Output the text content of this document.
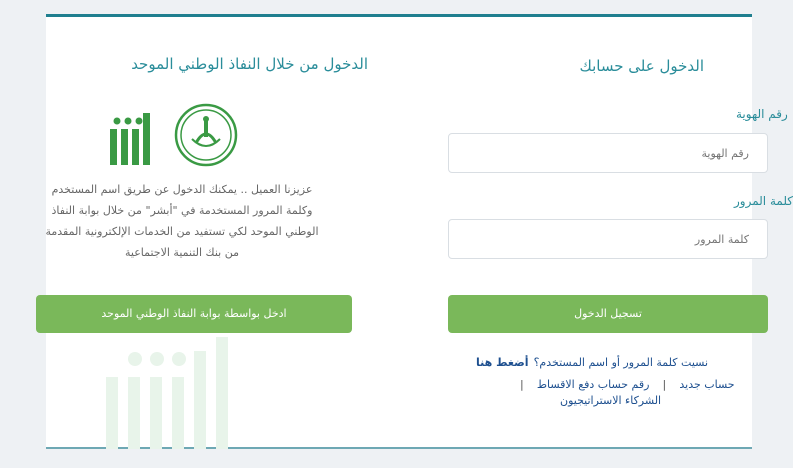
الدخول من خلال النفاذ الوطني الموحد
عزيزنا العميل .. يمكنك الدخول عن طريق اسم المستخدم
وكلمة المرور المستخدمة في "أبشر" من خلال بوابة النفاذ
الوطني الموحد لكي تستفيد من الخدمات الإلكترونية المقدمة
من بنك التنمية الاجتماعية
ادخل بواسطة بوابة النفاذ الوطني الموحد
الدخول على حسابك
رقم الهوية
رقم الهوية
كلمة المرور
تسجيل الدخول
نسيت كلمة المرور أو اسم المستخدم؟ أضغط هنا
حساب جديد | رقم حساب دفع الاقساط |
الشركاء الاستراتيجيون
